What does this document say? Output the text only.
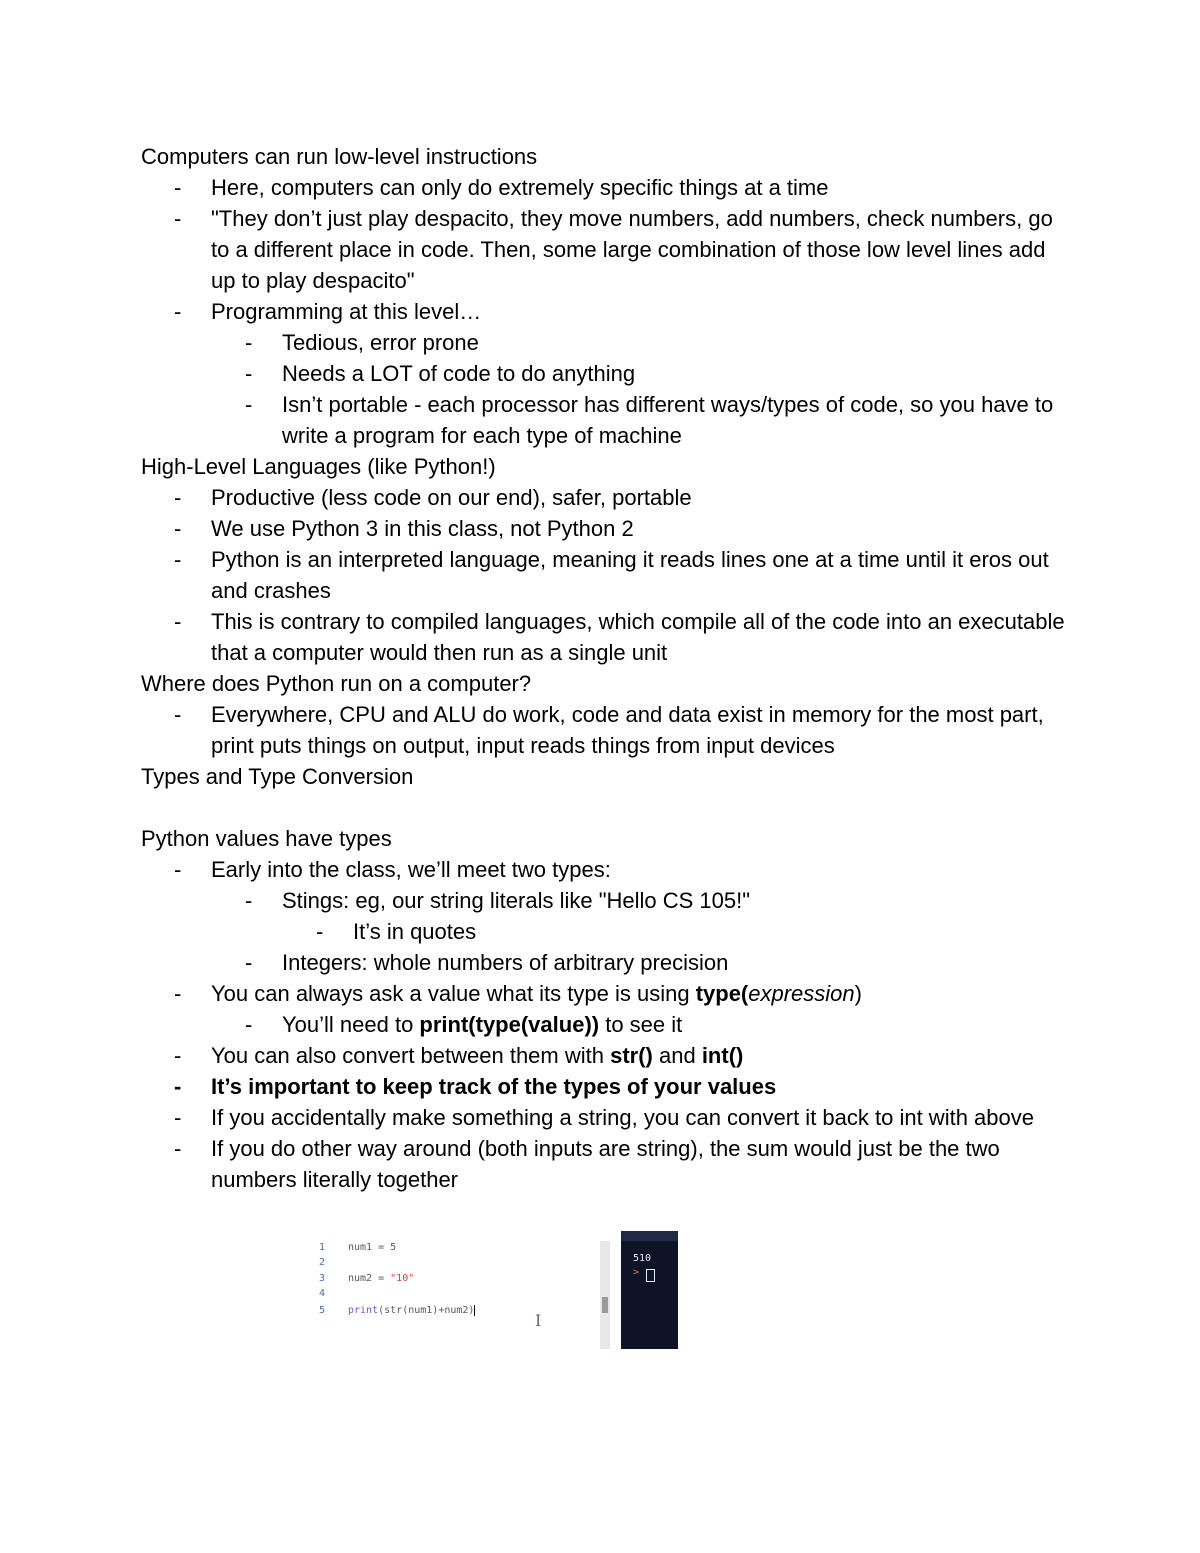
Computers can run low-level instructions
- Here, computers can only do extremely specific things at a time
- "They don’t just play despacito, they move numbers, add numbers, check numbers, go to a different place in code. Then, some large combination of those low level lines add up to play despacito"
- Programming at this level…
- Tedious, error prone
- Needs a LOT of code to do anything
- Isn’t portable - each processor has different ways/types of code, so you have to write a program for each type of machine
High-Level Languages (like Python!)
- Productive (less code on our end), safer, portable
- We use Python 3 in this class, not Python 2
- Python is an interpreted language, meaning it reads lines one at a time until it eros out and crashes
- This is contrary to compiled languages, which compile all of the code into an executable that a computer would then run as a single unit
Where does Python run on a computer?
- Everywhere, CPU and ALU do work, code and data exist in memory for the most part, print puts things on output, input reads things from input devices
Types and Type Conversion
Python values have types
- Early into the class, we’ll meet two types:
- Stings: eg, our string literals like "Hello CS 105!"
- It’s in quotes
- Integers: whole numbers of arbitrary precision
- You can always ask a value what its type is using type(expression)
- You’ll need to print(type(value)) to see it
- You can also convert between them with str() and int()
- It’s important to keep track of the types of your values
- If you accidentally make something a string, you can convert it back to int with above
- If you do other way around (both inputs are string), the sum would just be the two numbers literally together
1	num1 = 5
2
3	num2 = "10"
4
5	print(str(num1)+num2)
I
510
>
